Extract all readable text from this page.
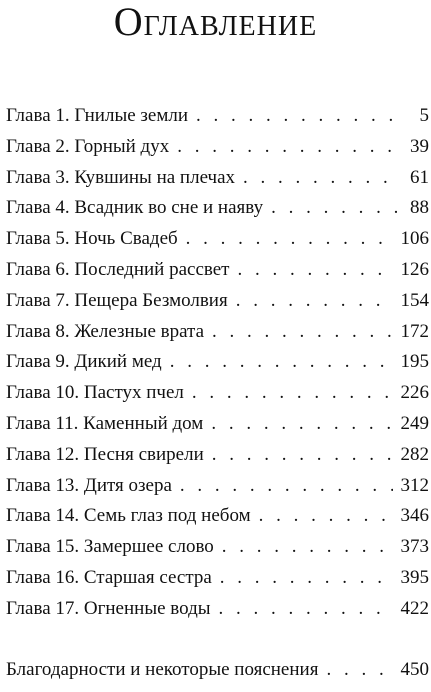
Оглавление
Глава 1. Гнилые земли . . .	5
Глава 2. Горный дух . . .	39
Глава 3. Кувшины на плечах . . .	61
Глава 4. Всадник во сне и наяву . . .	88
Глава 5. Ночь Свадеб . . .	106
Глава 6. Последний рассвет . . .	126
Глава 7. Пещера Безмолвия . . .	154
Глава 8. Железные врата . . .	172
Глава 9. Дикий мед . . .	195
Глава 10. Пастух пчел . . .	226
Глава 11. Каменный дом . . .	249
Глава 12. Песня свирели . . .	282
Глава 13. Дитя озера . . .	312
Глава 14. Семь глаз под небом . . .	346
Глава 15. Замершее слово . . .	373
Глава 16. Старшая сестра . . .	395
Глава 17. Огненные воды . . .	422
Благодарности и некоторые пояснения . . .	450
